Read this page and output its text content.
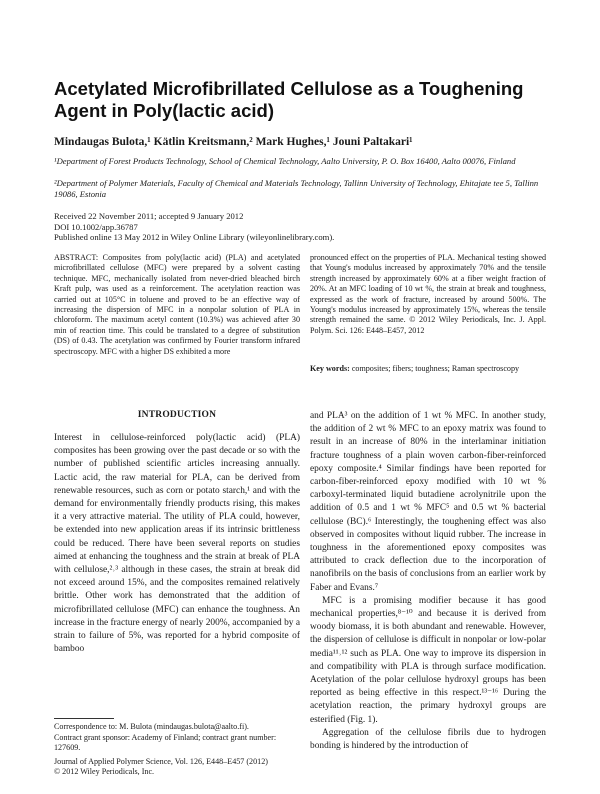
Acetylated Microfibrillated Cellulose as a Toughening Agent in Poly(lactic acid)
Mindaugas Bulota,¹ Kätlin Kreitsmann,² Mark Hughes,¹ Jouni Paltakari¹
¹Department of Forest Products Technology, School of Chemical Technology, Aalto University, P. O. Box 16400, Aalto 00076, Finland
²Department of Polymer Materials, Faculty of Chemical and Materials Technology, Tallinn University of Technology, Ehitajate tee 5, Tallinn 19086, Estonia
Received 22 November 2011; accepted 9 January 2012
DOI 10.1002/app.36787
Published online 13 May 2012 in Wiley Online Library (wileyonlinelibrary.com).

ABSTRACT: Composites from poly(lactic acid) (PLA) and acetylated microfibrillated cellulose (MFC) were prepared by a solvent casting technique. MFC, mechanically isolated from never-dried bleached birch Kraft pulp, was used as a reinforcement. The acetylation reaction was carried out at 105°C in toluene and proved to be an effective way of increasing the dispersion of MFC in a nonpolar solution of PLA in chloroform. The maximum acetyl content (10.3%) was achieved after 30 min of reaction time. This could be translated to a degree of substitution (DS) of 0.43. The acetylation was confirmed by Fourier transform infrared spectroscopy. MFC with a higher DS exhibited a more

pronounced effect on the properties of PLA. Mechanical testing showed that Young's modulus increased by approximately 70% and the tensile strength increased by approximately 60% at a fiber weight fraction of 20%. At an MFC loading of 10 wt %, the strain at break and toughness, expressed as the work of fracture, increased by around 500%. The Young's modulus increased by approximately 15%, whereas the tensile strength remained the same. © 2012 Wiley Periodicals, Inc. J. Appl. Polym. Sci. 126: E448–E457, 2012

Key words: composites; fibers; toughness; Raman spectroscopy
INTRODUCTION

Interest in cellulose-reinforced poly(lactic acid) (PLA) composites has been growing over the past decade or so with the number of published scientific articles increasing annually. Lactic acid, the raw material for PLA, can be derived from renewable resources, such as corn or potato starch,¹ and with the demand for environmentally friendly products rising, this makes it a very attractive material. The utility of PLA could, however, be extended into new application areas if its intrinsic brittleness could be reduced. There have been several reports on studies aimed at enhancing the toughness and the strain at break of PLA with cellulose,²˒³ although in these cases, the strain at break did not exceed around 15%, and the composites remained relatively brittle. Other work has demonstrated that the addition of microfibrillated cellulose (MFC) can enhance the toughness. An increase in the fracture energy of nearly 200%, accompanied by a strain to failure of 5%, was reported for a hybrid composite of bamboo

and PLA³ on the addition of 1 wt % MFC. In another study, the addition of 2 wt % MFC to an epoxy matrix was found to result in an increase of 80% in the interlaminar initiation fracture toughness of a plain woven carbon-fiber-reinforced epoxy composite.⁴ Similar findings have been reported for carbon-fiber-reinforced epoxy modified with 10 wt % carboxyl-terminated liquid butadiene acrolynitrile upon the addition of 0.5 and 1 wt % MFC⁵ and 0.5 wt % bacterial cellulose (BC).⁶ Interestingly, the toughening effect was also observed in composites without liquid rubber. The increase in toughness in the aforementioned epoxy composites was attributed to crack deflection due to the incorporation of nanofibrils on the basis of conclusions from an earlier work by Faber and Evans.⁷

MFC is a promising modifier because it has good mechanical properties,⁸⁻¹⁰ and because it is derived from woody biomass, it is both abundant and renewable. However, the dispersion of cellulose is difficult in nonpolar or low-polar media¹¹˒¹² such as PLA. One way to improve its dispersion in and compatibility with PLA is through surface modification. Acetylation of the polar cellulose hydroxyl groups has been reported as being effective in this respect.¹³⁻¹⁶ During the acetylation reaction, the primary hydroxyl groups are esterified (Fig. 1).

Aggregation of the cellulose fibrils due to hydrogen bonding is hindered by the introduction of

Correspondence to: M. Bulota (mindaugas.bulota@aalto.fi).
Contract grant sponsor: Academy of Finland; contract grant number: 127609.
Journal of Applied Polymer Science, Vol. 126, E448–E457 (2012)
© 2012 Wiley Periodicals, Inc.
